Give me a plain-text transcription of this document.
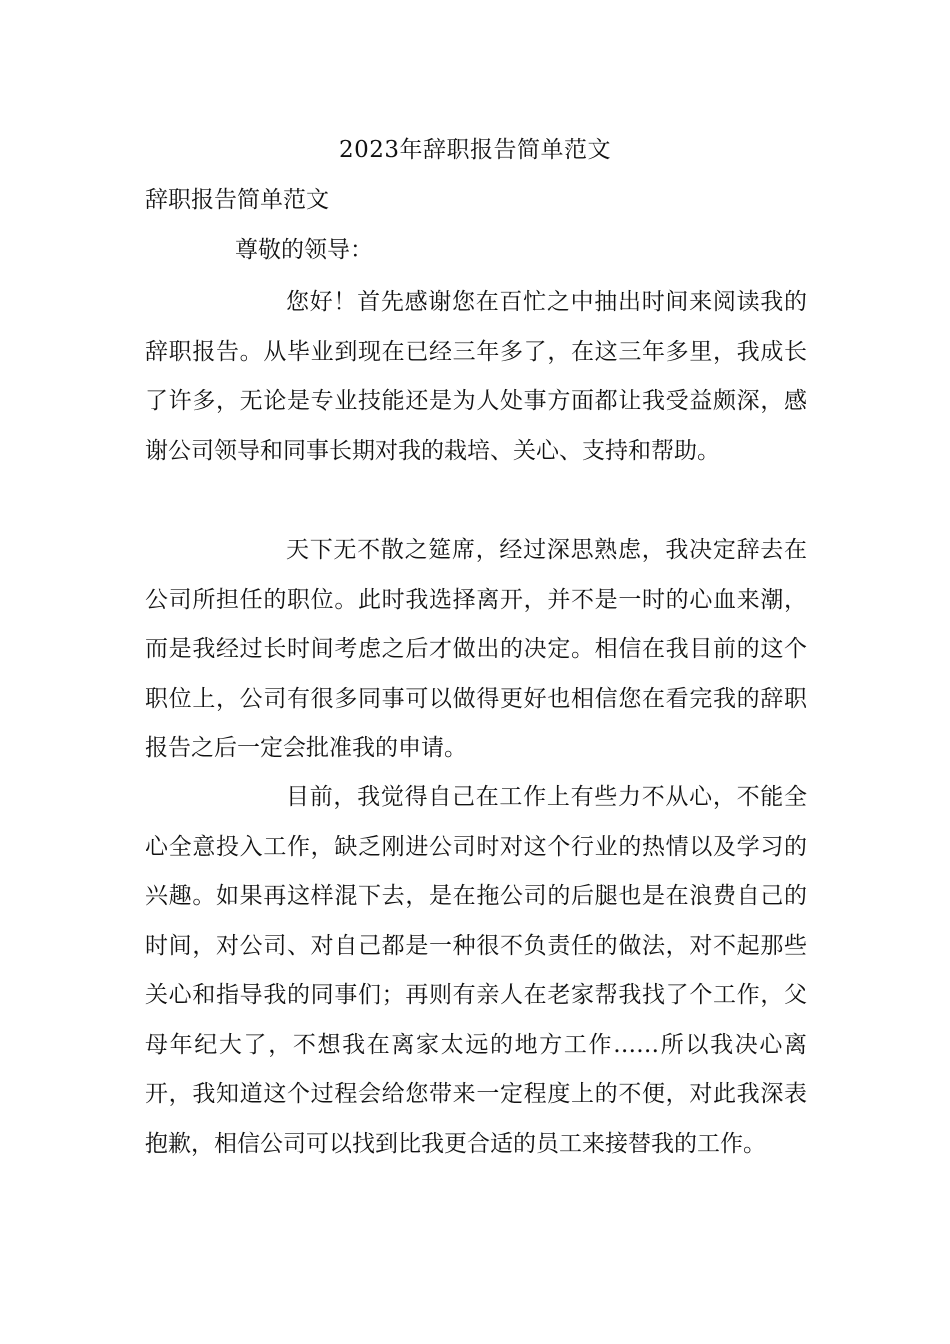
2023年辞职报告简单范文
辞职报告简单范文
尊敬的领导：

您好！首先感谢您在百忙之中抽出时间来阅读我的辞职报告。从毕业到现在已经三年多了，在这三年多里，我成长了许多，无论是专业技能还是为人处事方面都让我受益颇深，感谢公司领导和同事长期对我的栽培、关心、支持和帮助。

天下无不散之筵席，经过深思熟虑，我决定辞去在公司所担任的职位。此时我选择离开，并不是一时的心血来潮，而是我经过长时间考虑之后才做出的决定。相信在我目前的这个职位上，公司有很多同事可以做得更好也相信您在看完我的辞职报告之后一定会批准我的申请。

目前，我觉得自己在工作上有些力不从心，不能全心全意投入工作，缺乏刚进公司时对这个行业的热情以及学习的兴趣。如果再这样混下去，是在拖公司的后腿也是在浪费自己的时间，对公司、对自己都是一种很不负责任的做法，对不起那些关心和指导我的同事们；再则有亲人在老家帮我找了个工作，父母年纪大了，不想我在离家太远的地方工作……所以我决心离开，我知道这个过程会给您带来一定程度上的不便，对此我深表抱歉，相信公司可以找到比我更合适的员工来接替我的工作。
